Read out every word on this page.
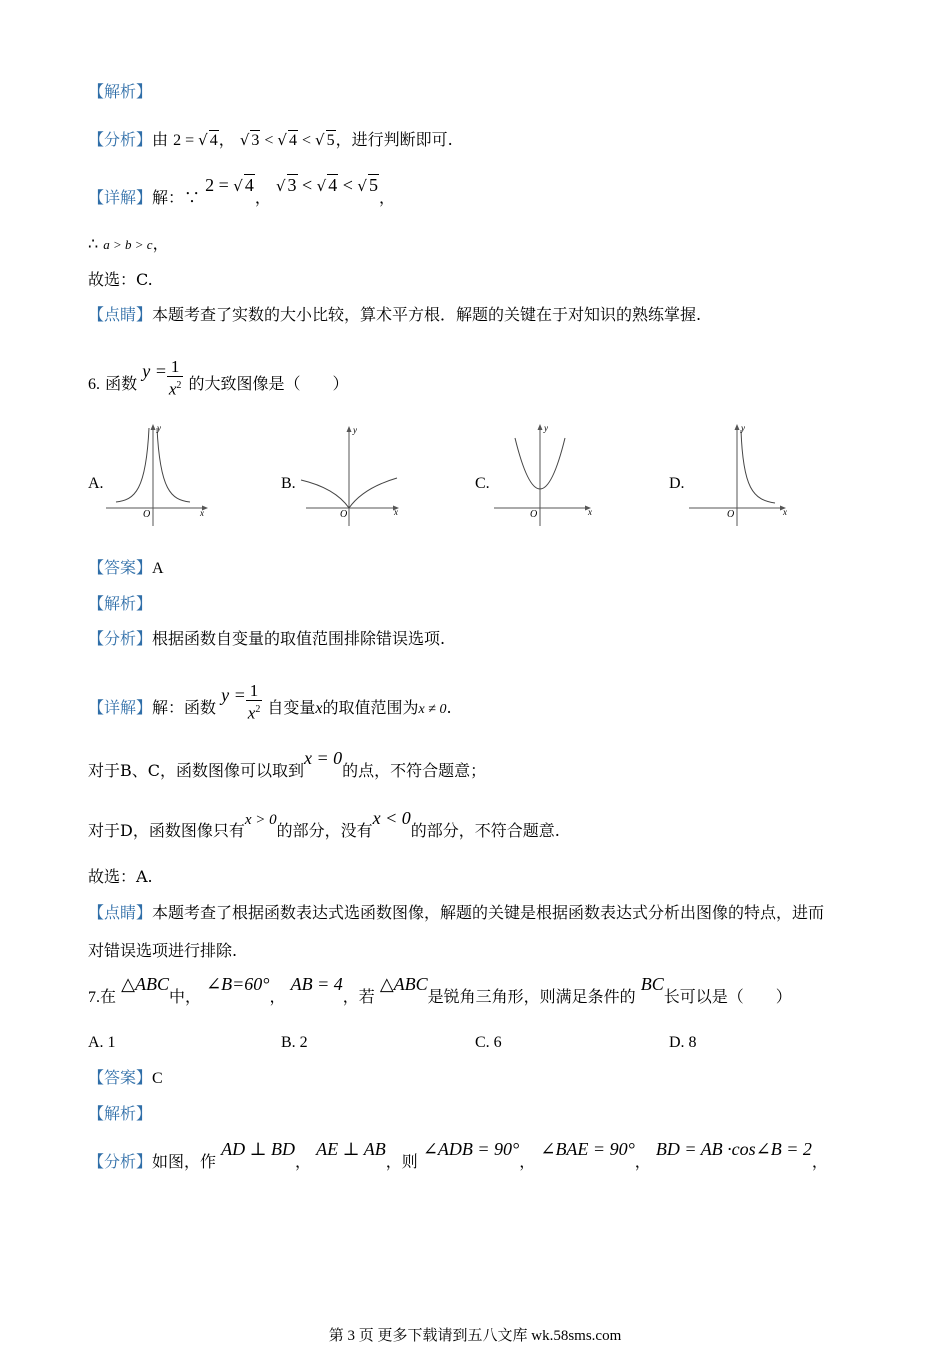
【解析】
【分析】由 2 = √ 4， √ 3 < √ 4 < √ 5，进行判断即可.
【详解】解：∵ 2 = √ 4， √ 3 < √ 4 < √ 5，
∴ a > b > c，
故选：C.
【点睛】本题考查了实数的大小比较，算术平方根．解题的关键在于对知识的熟练掌握.
6. 函数 $y = \frac{1}{x^2}$ 的大致图像是（　　）
A.	B.	C.	D.
y
x
O
y
x
O
y
x
O
y
x
O
【答案】A
【解析】
【分析】根据函数自变量的取值范围排除错误选项.
【详解】解：函数 $y = \frac{1}{x^2}$ 自变量x的取值范围为x ≠ 0.
对于B、C，函数图像可以取到x = 0的点，不符合题意；
对于D，函数图像只有x > 0的部分，没有x < 0的部分，不符合题意.
故选：A.
【点睛】本题考查了根据函数表达式选函数图像，解题的关键是根据函数表达式分析出图像的特点，进而
对错误选项进行排除.
7.在 △ABC中， ∠B=60°， AB = 4，若 △ABC是锐角三角形，则满足条件的 BC长可以是（　　）
A. 1	B. 2	C. 6	D. 8
【答案】C
【解析】
【分析】如图，作 AD ⊥ BD， AE ⊥ AB，则 ∠ADB = 90°， ∠BAE = 90°， BD = AB ·cos∠B = 2，
第 3 页 更多下载请到五八文库 wk.58sms.com
